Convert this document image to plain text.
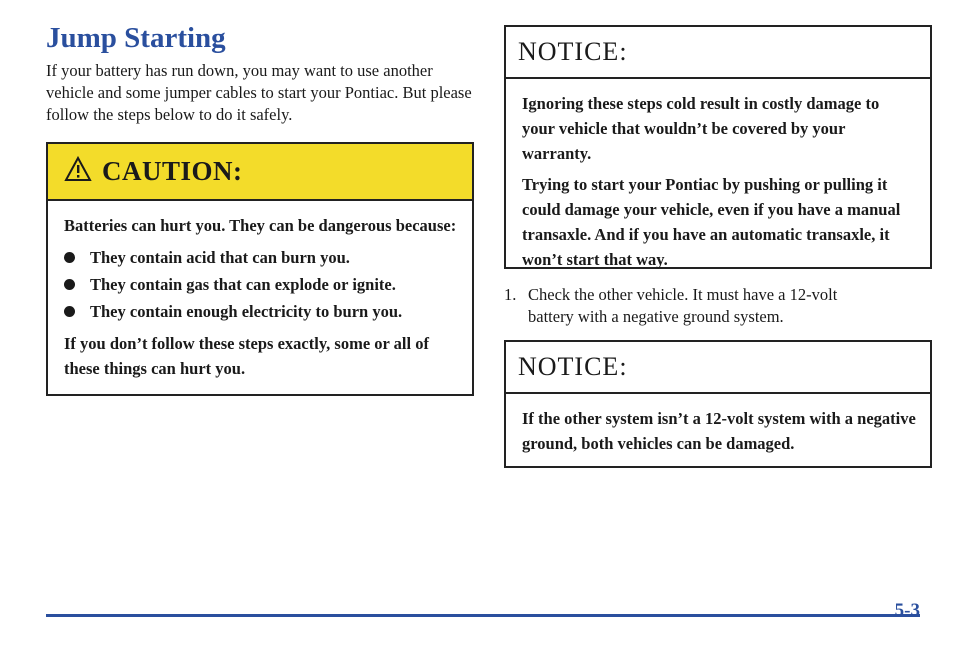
Jump Starting

If your battery has run down, you may want to use another vehicle and some jumper cables to start your Pontiac. But please follow the steps below to do it safely.

CAUTION:

Batteries can hurt you. They can be dangerous because:

They contain acid that can burn you.
They contain gas that can explode or ignite.
They contain enough electricity to burn you.

If you don’t follow these steps exactly, some or all of these things can hurt you.

NOTICE:

Ignoring these steps cold result in costly damage to your vehicle that wouldn’t be covered by your warranty.

Trying to start your Pontiac by pushing or pulling it could damage your vehicle, even if you have a manual transaxle. And if you have an automatic transaxle, it won’t start that way.

1. Check the other vehicle. It must have a 12-volt
battery with a negative ground system.

NOTICE:

If the other system isn’t a 12-volt system with a negative ground, both vehicles can be damaged.

5-3
